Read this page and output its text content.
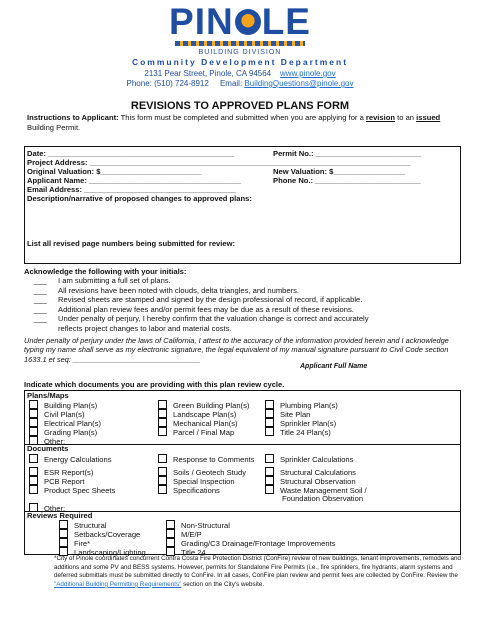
PIN LE
BUILDING DIVISION
Community Development Department
2131 Pear Street, Pinole, CA 94564 www.pinole.gov
Phone: (510) 724-8912 Email: BuildingQuestions@pinole.gov
REVISIONS TO APPROVED PLANS FORM
Instructions to Applicant: This form must be completed and submitted when you are applying for a revision to an issued Building Permit.
Date: ____________________________________________	Permit No.: _________________________
Project Address: ____________________________________________________________________________
Original Valuation: $________________________	New Valuation: $_________________
Applicant Name: ____________________________________	Phone No.: _________________________
Email Address: ____________________________________
Description/narrative of proposed changes to approved plans:
List all revised page numbers being submitted for review:
Acknowledge the following with your initials:
___ I am submitting a full set of plans.
___ All revisions have been noted with clouds, delta triangles, and numbers.
___ Revised sheets are stamped and signed by the design professional of record, if applicable.
___ Additional plan review fees and/or permit fees may be due as a result of these revisions.
___ Under penalty of perjury, I hereby confirm that the valuation change is correct and accurately
reflects project changes to labor and material costs.
Under penalty of perjury under the laws of California, I attest to the accuracy of the information provided herein and I acknowledge typing my name shall serve as my electronic signature, the legal equivalent of my manual signature pursuant to Civil Code section 1633.1 et seq: _______________________________
Applicant Full Name
Indicate which documents you are providing with this plan review cycle.
Plans/Maps
Building Plan(s)	Green Building Plan(s)	Plumbing Plan(s)
Civil Plan(s)	Landscape Plan(s)	Site Plan
Electrical Plan(s)	Mechanical Plan(s)	Sprinkler Plan(s)
Grading Plan(s)	Parcel / Final Map	Title 24 Plan(s)
Other:
Documents
Energy Calculations	Response to Comments	Sprinkler Calculations
ESR Report(s)	Soils / Geotech Study	Structural Calculations
PCB Report	Special Inspection	Structural Observation
Product Spec Sheets	Specifications	Waste Management Soil /
Foundation Observation
Other:
Reviews Required
Structural	Non-Structural
Setbacks/Coverage	M/E/P
Fire*	Grading/C3 Drainage/Frontage Improvements
Landscaping/Lighting	Title 24
*City of Pinole coordinates concurrent Contra Costa Fire Protection District (ConFire) review of new buildings, tenant improvements, remodels and additions and some PV and BESS systems. However, permits for Standalone Fire Permits (i.e., fire sprinklers, fire hydrants, alarm systems and deferred submittals must be submitted directly to ConFire. In all cases, ConFire plan review and permit fees are collected by ConFire. Review the "Additional Building Permitting Requirements" section on the City's website.
